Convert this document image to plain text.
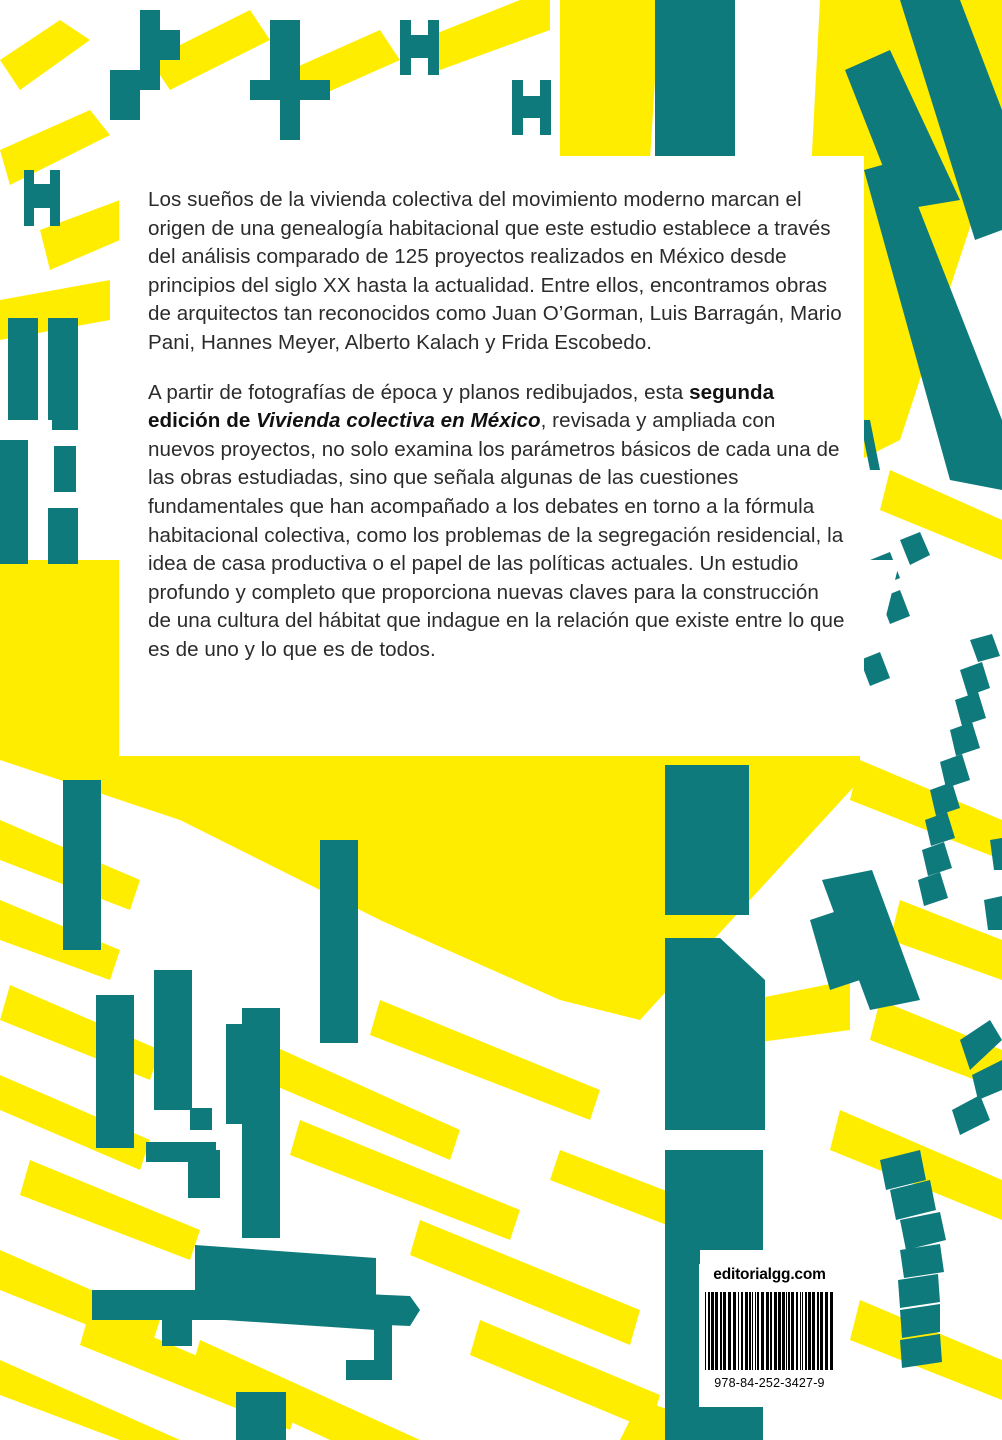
Los sueños de la vivienda colectiva del movimiento moderno marcan el origen de una genealogía habitacional que este estudio establece a través del análisis comparado de 125 proyectos realizados en México desde principios del siglo XX hasta la actualidad. Entre ellos, encontramos obras de arquitectos tan reconocidos como Juan O’Gorman, Luis Barragán, Mario Pani, Hannes Meyer, Alberto Kalach y Frida Escobedo.

A partir de fotografías de época y planos redibujados, esta segunda edición de Vivienda colectiva en México, revisada y ampliada con nuevos proyectos, no solo examina los parámetros básicos de cada una de las obras estudiadas, sino que señala algunas de las cuestiones fundamentales que han acompañado a los debates en torno a la fórmula habitacional colectiva, como los problemas de la segregación residencial, la idea de casa productiva o el papel de las políticas actuales. Un estudio profundo y completo que proporciona nuevas claves para la construcción de una cultura del hábitat que indague en la relación que existe entre lo que es de uno y lo que es de todos.

editorialgg.com
978-84-252-3427-9
